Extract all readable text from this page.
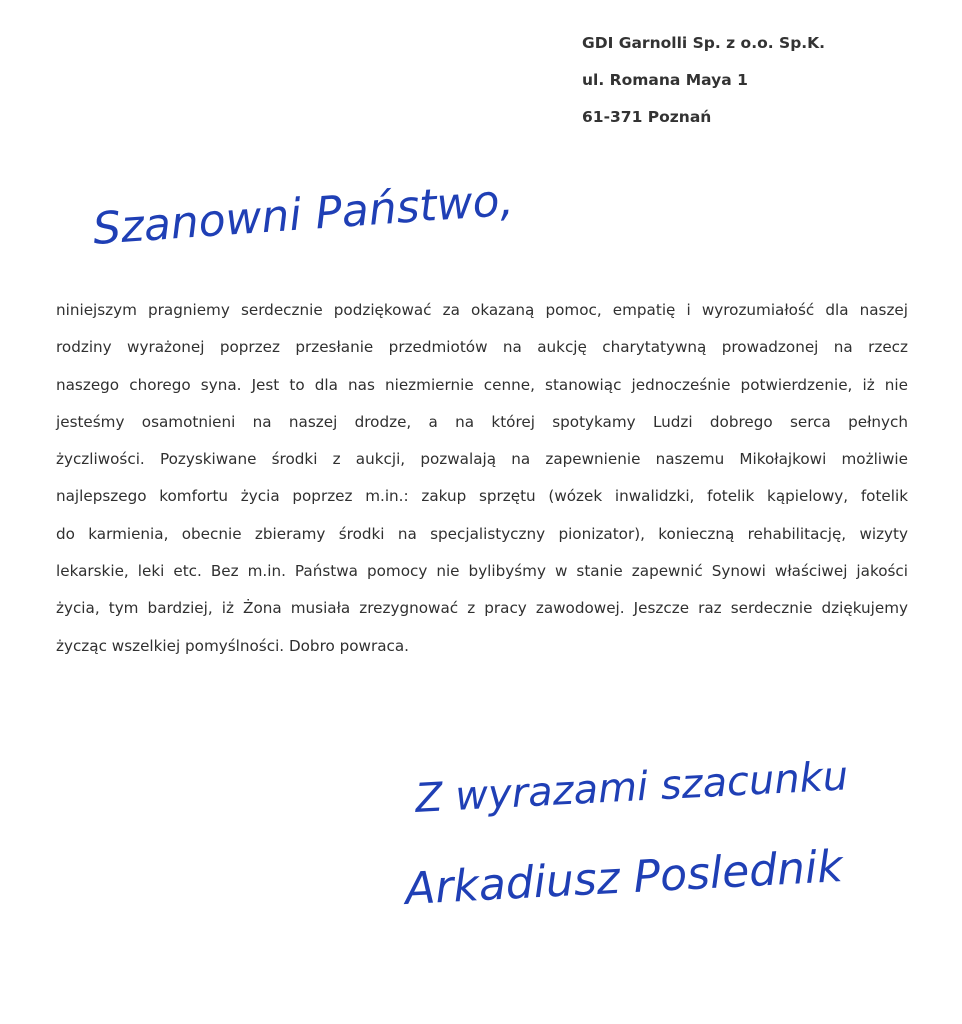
GDI Garnolli Sp. z o.o. Sp.K.
ul. Romana Maya 1
61-371 Poznań
Szanowni Państwo,
niniejszym pragniemy serdecznie podziękować za okazaną pomoc, empatię i wyrozumiałość dla naszej
rodziny wyrażonej poprzez przesłanie przedmiotów na aukcję charytatywną prowadzonej na rzecz
naszego chorego syna. Jest to dla nas niezmiernie cenne, stanowiąc jednocześnie potwierdzenie, iż nie
jesteśmy osamotnieni na naszej drodze, a na której spotykamy Ludzi dobrego serca pełnych
życzliwości. Pozyskiwane środki z aukcji, pozwalają na zapewnienie naszemu Mikołajkowi możliwie
najlepszego komfortu życia poprzez m.in.: zakup sprzętu (wózek inwalidzki, fotelik kąpielowy, fotelik
do karmienia, obecnie zbieramy środki na specjalistyczny pionizator), konieczną rehabilitację, wizyty
lekarskie, leki etc. Bez m.in. Państwa pomocy nie bylibyśmy w stanie zapewnić Synowi właściwej jakości
życia, tym bardziej, iż Żona musiała zrezygnować z pracy zawodowej. Jeszcze raz serdecznie dziękujemy
życząc wszelkiej pomyślności. Dobro powraca.
Z wyrazami szacunku
Arkadiusz Poslednik
